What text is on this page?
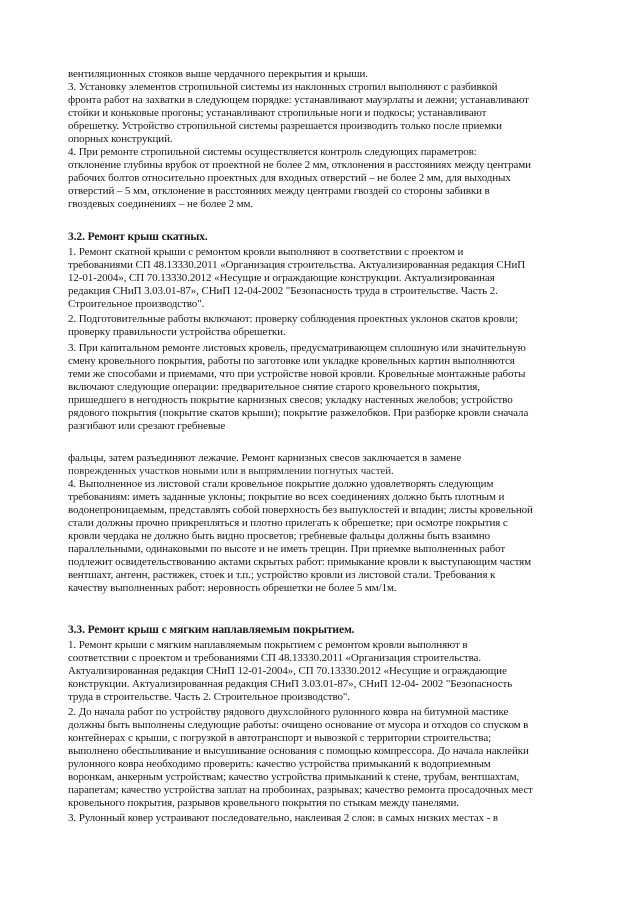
вентиляционных стояков выше чердачного перекрытия и крыши.
3. Установку элементов стропильной системы из наклонных стропил выполняют с разбивкой
фронта работ на захватки в следующем порядке: устанавливают мауэрлаты и лежни; устанавливают
стойки и коньковые прогоны; устанавливают стропильные ноги и подкосы; устанавливают
обрешетку. Устройство стропильной системы разрешается производить только после приемки
опорных конструкций.
4. При ремонте стропильной системы осуществляется контроль следующих параметров:
отклонение глубины врубок от проектной не более 2 мм, отклонения в расстояниях между центрами
рабочих болтов относительно проектных для входных отверстий – не более 2 мм, для выходных
отверстий – 5 мм, отклонение в расстояниях между центрами гвоздей со стороны забивки в
гвоздевых соединениях – не более 2 мм.
3.2. Ремонт крыш скатных.
1. Ремонт скатной крыши с ремонтом кровли выполняют в соответствии с проектом и
требованиями СП 48.13330.2011 «Организация строительства. Актуализированная редакция СНиП
12-01-2004», СП 70.13330.2012 «Несущие и ограждающие конструкции. Актуализированная
редакция СНиП 3.03.01-87», СНиП 12-04-2002 "Безопасность труда в строительстве. Часть 2.
Строительное производство".
2. Подготовительные работы включают: проверку соблюдения проектных уклонов скатов кровли;
проверку правильности устройства обрешетки.
3. При капитальном ремонте листовых кровель, предусматривающем сплошную или значительную
смену кровельного покрытия, работы по заготовке или укладке кровельных картин выполняются
теми же способами и приемами, что при устройстве новой кровли. Кровельные монтажные работы
включают следующие операции: предварительное снятие старого кровельного покрытия,
пришедшего в негодность покрытие карнизных свесов; укладку настенных желобов; устройство
рядового покрытия (покрытие скатов крыши); покрытие разжелобков. При разборке кровли сначала
разгибают или срезают гребневые
фальцы, затем разъединяют лежачие. Ремонт карнизных свесов заключается в замене
поврежденных участков новыми или в выпрямлении погнутых частей.
4. Выполненное из листовой стали кровельное покрытие должно удовлетворять следующим
требованиям: иметь заданные уклоны; покрытие во всех соединениях должно быть плотным и
водонепроницаемым, представлять собой поверхность без выпуклостей и впадин; листы кровельной
стали должны прочно прикрепляться и плотно прилегать к обрешетке; при осмотре покрытия с
кровли чердака не должно быть видно просветов; гребневые фальцы должны быть взаимно
параллельными, одинаковыми по высоте и не иметь трещин. При приемке выполненных работ
подлежит освидетельствованию актами скрытых работ: примыкание кровли к выступающим частям
вентшахт, антенн, растяжек, стоек и т.п.; устройство кровли из листовой стали. Требования к
качеству выполненных работ: неровность обрешетки не более 5 мм/1м.
3.3. Ремонт крыш с мягким наплавляемым покрытием.
1. Ремонт крыши с мягким наплавляемым покрытием с ремонтом кровли выполняют в
соответствии с проектом и требованиями СП 48.13330.2011 «Организация строительства.
Актуализированная редакция СНиП 12-01-2004», СП 70.13330.2012 «Несущие и ограждающие
конструкции. Актуализированная редакция СНиП 3.03.01-87», СНиП 12-04- 2002 "Безопасность
труда в строительстве. Часть 2. Строительное производство".
2. До начала работ по устройству рядового двухслойного рулонного ковра на битумной мастике
должны быть выполнены следующие работы: очищено основание от мусора и отходов со спуском в
контейнерах с крыши, с погрузкой в автотранспорт и вывозкой с территории строительства;
выполнено обеспыливание и высушивание основания с помощью компрессора. До начала наклейки
рулонного ковра необходимо проверить: качество устройства примыканий к водоприемным
воронкам, анкерным устройствам; качество устройства примыканий к стене, трубам, вентшахтам,
парапетам; качество устройства заплат на пробоинах, разрывах; качество ремонта просадочных мест
кровельного покрытия, разрывов кровельного покрытия по стыкам между панелями.
3. Рулонный ковер устраивают последовательно, наклеивая 2 слоя: в самых низких местах - в
